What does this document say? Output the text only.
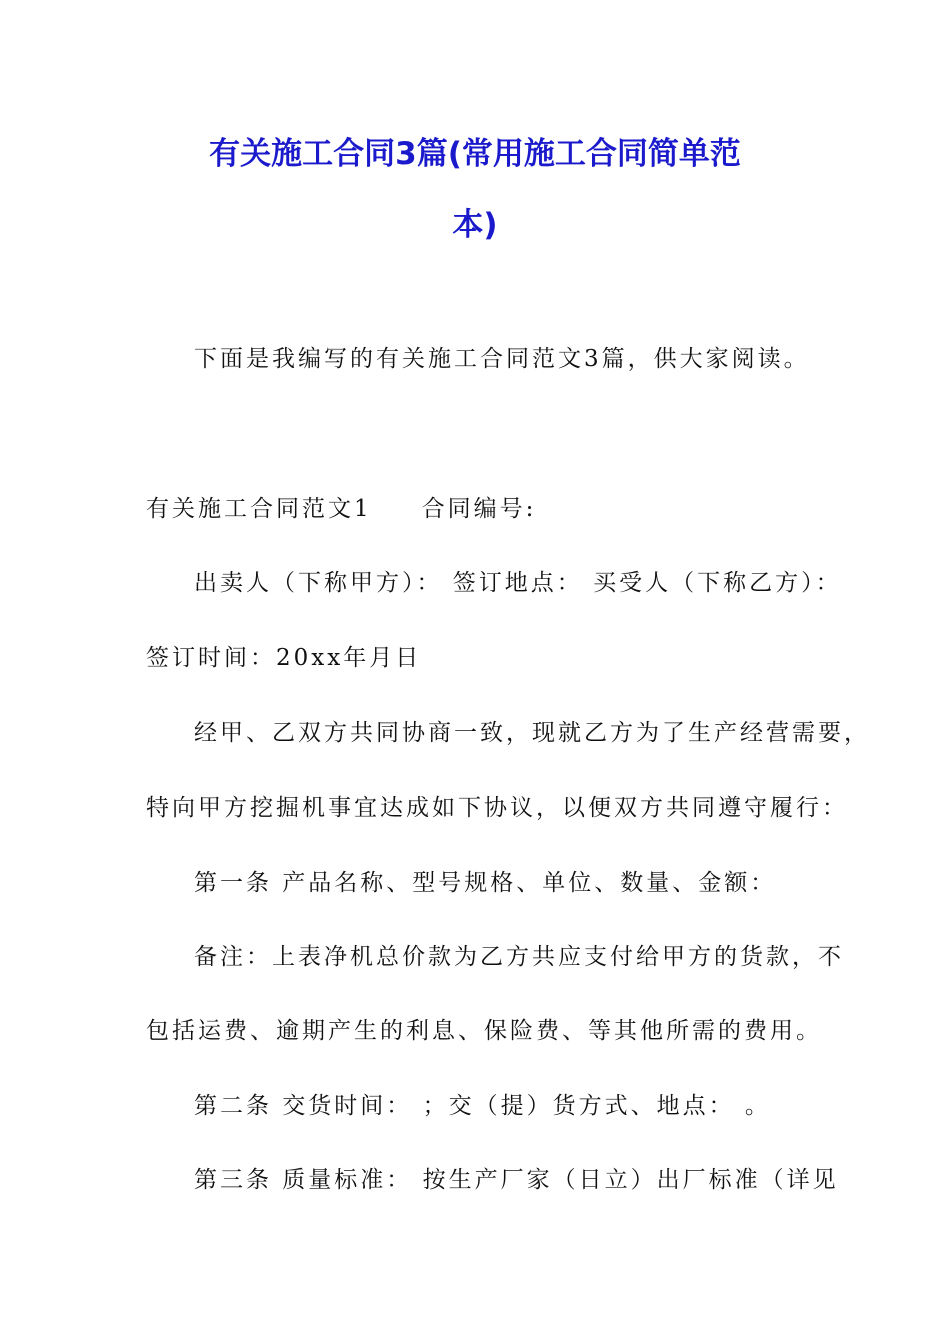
有关施工合同3篇(常用施工合同简单范
本)
下面是我编写的有关施工合同范文3篇，供大家阅读。
有关施工合同范文1 合同编号:
出卖人（下称甲方）： 签订地点： 买受人（下称乙方）：
签订时间：20xx年月日
经甲、乙双方共同协商一致，现就乙方为了生产经营需要，
特向甲方挖掘机事宜达成如下协议，以便双方共同遵守履行：
第一条 产品名称、型号规格、单位、数量、金额：
备注：上表净机总价款为乙方共应支付给甲方的货款，不
包括运费、逾期产生的利息、保险费、等其他所需的费用。
第二条 交货时间： ；交（提）货方式、地点： 。
第三条 质量标准： 按生产厂家（日立）出厂标准（详见
